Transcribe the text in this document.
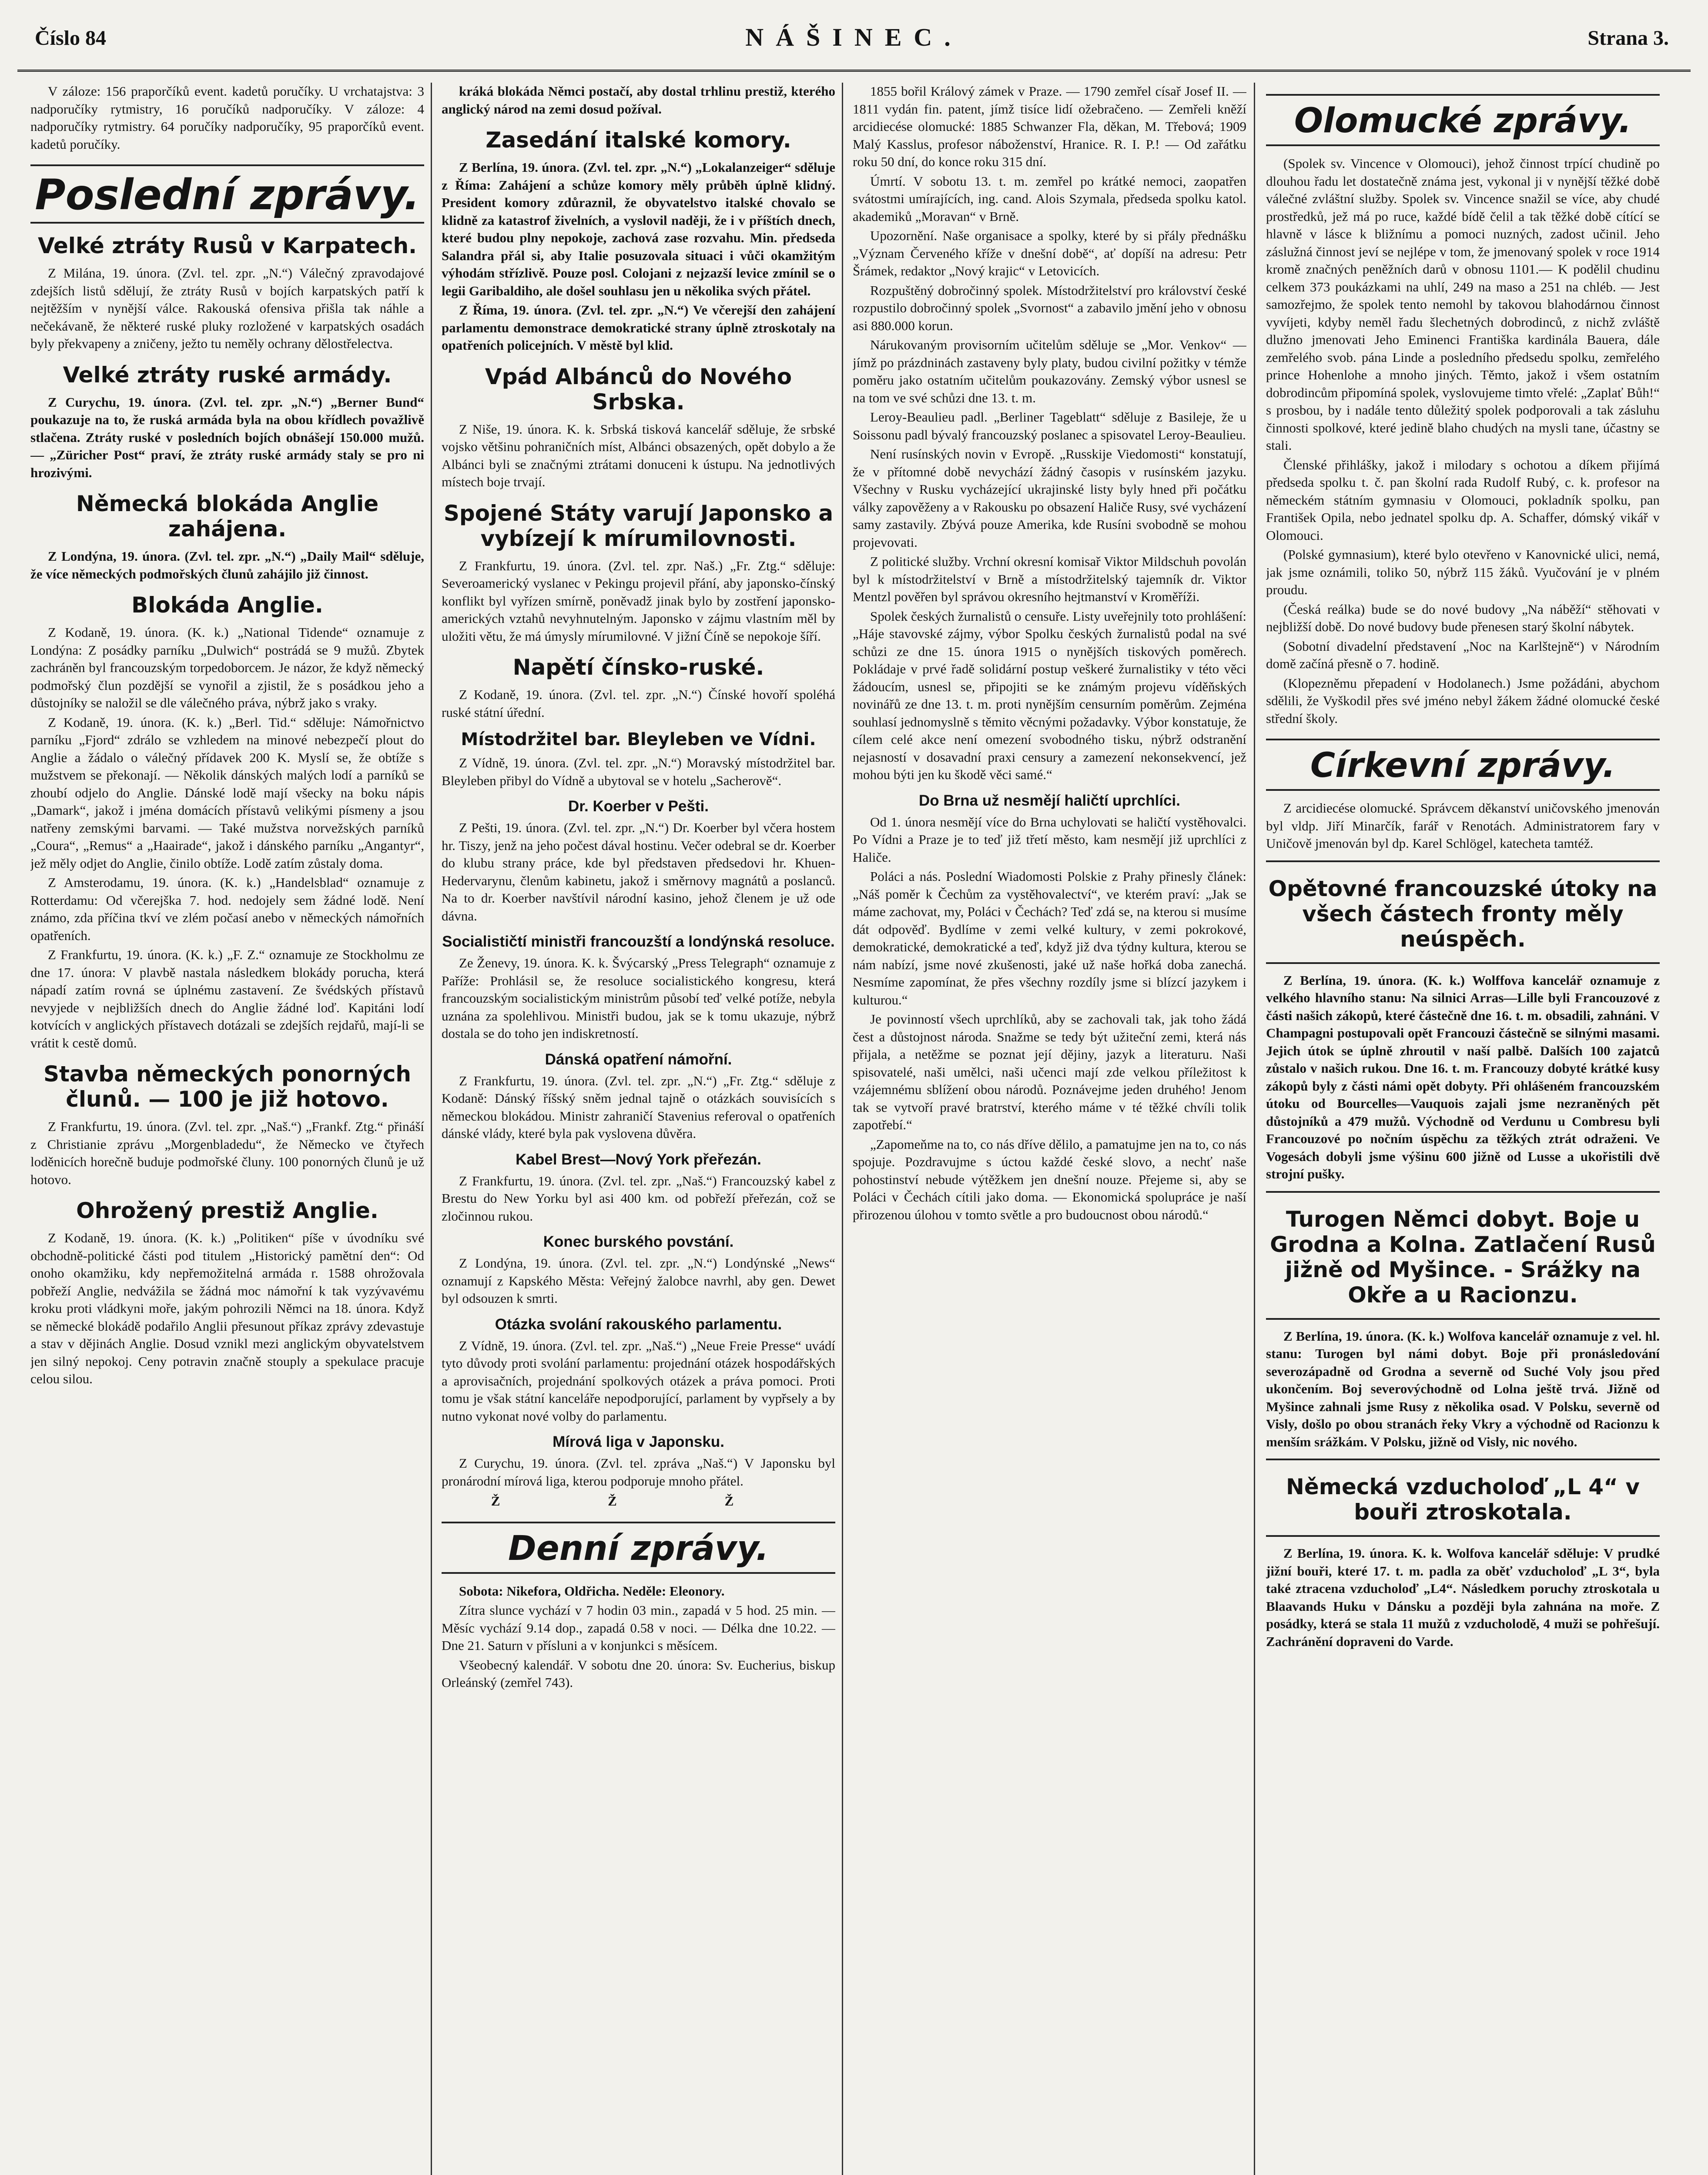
Číslo 84	NÁŠINEC.	Strana 3.

V záloze: 156 praporčíků event. kadetů poručíky. U vrchatajstva: 3 nadporučíky rytmistry, 16 poručíků nadporučíky. V záloze: 4 nadporučíky rytmistry. 64 poručíky nadporučíky, 95 praporčíků event. kadetů poručíky.

Poslední zprávy.
Velké ztráty Rusů v Karpatech.

Z Milána, 19. února. (Zvl. tel. zpr. „N.“) Válečný zpravodajové zdejších listů sdělují, že ztráty Rusů v bojích karpatských patří k nejtěžším v nynější válce. Rakouská ofensiva přišla tak náhle a nečekávaně, že některé ruské pluky rozložené v karpatských osadách byly překvapeny a zničeny, ježto tu neměly ochrany dělostřelectva.

Velké ztráty ruské armády.

Z Curychu, 19. února. (Zvl. tel. zpr. „N.“) „Berner Bund“ poukazuje na to, že ruská armáda byla na obou křídlech považlivě stlačena. Ztráty ruské v posledních bojích obnášejí 150.000 mužů. — „Züricher Post“ praví, že ztráty ruské armády staly se pro ni hrozivými.

Německá blokáda Anglie zahájena.

Z Londýna, 19. února. (Zvl. tel. zpr. „N.“) „Daily Mail“ sděluje, že více německých podmořských člunů zahájilo již činnost.

Blokáda Anglie.

Z Kodaně, 19. února. (K. k.) „National Tidende“ oznamuje z Londýna: Z posádky parníku „Dulwich“ postrádá se 9 mužů. Zbytek zachráněn byl francouzským torpedoborcem. Je názor, že když německý podmořský člun pozdější se vynořil a zjistil, že s posádkou jeho a důstojníky se naložil se dle válečného práva, nýbrž jako s vraky.

Z Kodaně, 19. února. (K. k.) „Berl. Tid.“ sděluje: Námořnictvo parníku „Fjord“ zdrálo se vzhledem na minové nebezpečí plout do Anglie a žádalo o válečný přídavek 200 K. Myslí se, že obtíže s mužstvem se překonají. — Několik dánských malých lodí a parníků se zhoubí odjelo do Anglie. Dánské lodě mají všecky na boku nápis „Damark“, jakož i jména domácích přístavů velikými písmeny a jsou natřeny zemskými barvami. — Také mužstva norvežských parníků „Coura“, „Remus“ a „Haairade“, jakož i dánského parníku „Angantyr“, jež měly odjet do Anglie, činilo obtíže. Lodě zatím zůstaly doma.

Z Amsterodamu, 19. února. (K. k.) „Handelsblad“ oznamuje z Rotterdamu: Od včerejška 7. hod. nedojely sem žádné lodě. Není známo, zda příčina tkví ve zlém počasí anebo v německých námořních opatřeních.

Z Frankfurtu, 19. února. (K. k.) „F. Z.“ oznamuje ze Stockholmu ze dne 17. února: V plavbě nastala následkem blokády porucha, která nápadí zatím rovná se úplnému zastavení. Ze švédských přístavů nevyjede v nejbližších dnech do Anglie žádné loď. Kapitáni lodí kotvících v anglických přístavech dotázali se zdejších rejdařů, mají-li se vrátit k cestě domů.

Stavba německých ponorných člunů. — 100 je již hotovo.

Z Frankfurtu, 19. února. (Zvl. tel. zpr. „Naš.“) „Frankf. Ztg.“ přináší z Christianie zprávu „Morgenbladedu“, že Německo ve čtyřech loděnicích horečně buduje podmořské čluny. 100 ponorných člunů je už hotovo.

Ohrožený prestiž Anglie.

Z Kodaně, 19. února. (K. k.) „Politiken“ píše v úvodníku své obchodně-politické části pod titulem „Historický pamětní den“: Od onoho okamžiku, kdy nepřemožitelná armáda r. 1588 ohrožovala pobřeží Anglie, nedvážila se žádná moc námořní k tak vyzývavému kroku proti vládkyni moře, jakým pohrozili Němci na 18. února. Když se německé blokádě podařilo Anglii přesunout příkaz zprávy zdevastuje a stav v dějinách Anglie. Dosud vznikl mezi anglickým obyvatelstvem jen silný nepokoj. Ceny potravin značně stouply a spekulace pracuje celou silou.

kráká blokáda Němci postačí, aby dostal trhlinu prestiž, kterého anglický národ na zemi dosud požíval.

Zasedání italské komory.

Z Berlína, 19. února. (Zvl. tel. zpr. „N.“) „Lokalanzeiger“ sděluje z Říma: Zahájení a schůze komory měly průběh úplně klidný. President komory zdůraznil, že obyvatelstvo italské chovalo se klidně za katastrof živelních, a vyslovil naději, že i v příštích dnech, které budou plny nepokoje, zachová zase rozvahu. Min. předseda Salandra přál si, aby Italie posuzovala situaci i vůči okamžitým výhodám střízlivě. Pouze posl. Colojani z nejzazší levice zmínil se o legii Garibaldiho, ale došel souhlasu jen u několika svých přátel.

Z Říma, 19. února. (Zvl. tel. zpr. „N.“) Ve včerejší den zahájení parlamentu demonstrace demokratické strany úplně ztroskotaly na opatřeních policejních. V městě byl klid.

Vpád Albánců do Nového Srbska.

Z Niše, 19. února. K. k. Srbská tisková kancelář sděluje, že srbské vojsko většinu pohraničních míst, Albánci obsazených, opět dobylo a že Albánci byli se značnými ztrátami donuceni k ústupu. Na jednotlivých místech boje trvají.

Spojené Státy varují Japonsko a vybízejí k mírumilovnosti.

Z Frankfurtu, 19. února. (Zvl. tel. zpr. Naš.) „Fr. Ztg.“ sděluje: Severoamerický vyslanec v Pekingu projevil přání, aby japonsko-čínský konflikt byl vyřízen smírně, poněvadž jinak bylo by zostření japonsko-amerických vztahů nevyhnutelným. Japonsko v zájmu vlastním měl by uložiti větu, že má úmysly mírumilovné. V jižní Číně se nepokoje šíří.

Napětí čínsko-ruské.

Z Kodaně, 19. února. (Zvl. tel. zpr. „N.“) Čínské hovoří spoléhá ruské státní úřední.

Místodržitel bar. Bleyleben ve Vídni.

Z Vídně, 19. února. (Zvl. tel. zpr. „N.“) Moravský místodržitel bar. Bleyleben přibyl do Vídně a ubytoval se v hotelu „Sacherově“.

Dr. Koerber v Pešti.

Z Pešti, 19. února. (Zvl. tel. zpr. „N.“) Dr. Koerber byl včera hostem hr. Tiszy, jenž na jeho počest dával hostinu. Večer odebral se dr. Koerber do klubu strany práce, kde byl představen předsedovi hr. Khuen-Hedervarynu, členům kabinetu, jakož i směrnovy magnátů a poslanců. Na to dr. Koerber navštívil národní kasino, jehož členem je už ode dávna.

Socialističtí ministři francouzští a londýnská resoluce.

Ze Ženevy, 19. února. K. k. Švýcarský „Press Telegraph“ oznamuje z Paříže: Prohlásil se, že resoluce socialistického kongresu, která francouzským socialistickým ministrům působí teď velké potíže, nebyla uznána za spolehlivou. Ministři budou, jak se k tomu ukazuje, nýbrž dostala se do toho jen indiskretností.

Dánská opatření námořní.

Z Frankfurtu, 19. února. (Zvl. tel. zpr. „N.“) „Fr. Ztg.“ sděluje z Kodaně: Dánský říšský sněm jednal tajně o otázkách souvisících s německou blokádou. Ministr zahraničí Stavenius referoval o opatřeních dánské vlády, které byla pak vyslovena důvěra.

Kabel Brest—Nový York přeřezán.

Z Frankfurtu, 19. února. (Zvl. tel. zpr. „Naš.“) Francouzský kabel z Brestu do New Yorku byl asi 400 km. od pobřeží přeřezán, což se zločinnou rukou.

Konec burského povstání.

Z Londýna, 19. února. (Zvl. tel. zpr. „N.“) Londýnské „News“ oznamují z Kapského Města: Veřejný žalobce navrhl, aby gen. Dewet byl odsouzen k smrti.

Otázka svolání rakouského parlamentu.

Z Vídně, 19. února. (Zvl. tel. zpr. „Naš.“) „Neue Freie Presse“ uvádí tyto důvody proti svolání parlamentu: projednání otázek hospodářských a aprovisačních, projednání spolkových otázek a práva pomoci. Proti tomu je však státní kanceláře nepodporující, parlament by vypřsely a by nutno vykonat nové volby do parlamentu.

Mírová liga v Japonsku.

Z Curychu, 19. února. (Zvl. tel. zpráva „Naš.“) V Japonsku byl pronárodní mírová liga, kterou podporuje mnoho přátel.

Ž Ž Ž
Denní zprávy.

Sobota: Nikefora, Oldřicha. Neděle: Eleonory.

Zítra slunce vychází v 7 hodin 03 min., zapadá v 5 hod. 25 min. — Měsíc vychází 9.14 dop., zapadá 0.58 v noci. — Délka dne 10.22. — Dne 21. Saturn v přísluni a v konjunkci s měsícem.

Všeobecný kalendář. V sobotu dne 20. února: Sv. Eucherius, biskup Orleánský (zemřel 743).

1855 bořil Králový zámek v Praze. — 1790 zemřel císař Josef II. — 1811 vydán fin. patent, jímž tisíce lidí ožebračeno. — Zemřeli kněží arcidiecése olomucké: 1885 Schwanzer Fla, děkan, M. Třebová; 1909 Malý Kasslus, profesor náboženství, Hranice. R. I. P.! — Od zařátku roku 50 dní, do konce roku 315 dní.

Úmrtí. V sobotu 13. t. m. zemřel po krátké nemoci, zaopatřen svátostmi umírajících, ing. cand. Alois Szymala, předseda spolku katol. akademiků „Moravan“ v Brně.

Upozornění. Naše organisace a spolky, které by si přály přednášku „Význam Červeného kříže v dnešní době“, ať dopíší na adresu: Petr Šrámek, redaktor „Nový krajic“ v Letovicích.

Rozpuštěný dobročinný spolek. Místodržitelství pro království české rozpustilo dobročinný spolek „Svornost“ a zabavilo jmění jeho v obnosu asi 880.000 korun.

Nárukovaným provisorním učitelům sděluje se „Mor. Venkov“ — jímž po prázdninách zastaveny byly platy, budou civilní požitky v témže poměru jako ostatním učitelům poukazovány. Zemský výbor usnesl se na tom ve své schůzi dne 13. t. m.

Leroy-Beaulieu padl. „Berliner Tageblatt“ sděluje z Basileje, že u Soissonu padl bývalý francouzský poslanec a spisovatel Leroy-Beaulieu.

Není rusínských novin v Evropě. „Russkije Viedomosti“ konstatují, že v přítomné době nevychází žádný časopis v rusínském jazyku. Všechny v Rusku vycházející ukrajinské listy byly hned při počátku války zapověženy a v Rakousku po obsazení Haliče Rusy, své vycházení samy zastavily. Zbývá pouze Amerika, kde Rusíni svobodně se mohou projevovati.

Z politické služby. Vrchní okresní komisař Viktor Mildschuh povolán byl k místodržitelství v Brně a místodržitelský tajemník dr. Viktor Mentzl pověřen byl správou okresního hejtmanství v Kroměříži.

Spolek českých žurnalistů o censuře. Listy uveřejnily toto prohlášení: „Háje stavovské zájmy, výbor Spolku českých žurnalistů podal na své schůzi ze dne 15. února 1915 o nynějších tiskových poměrech. Pokládaje v prvé řadě solidární postup veškeré žurnalistiky v této věci žádoucím, usnesl se, připojiti se ke známým projevu víděňských novinářů ze dne 13. t. m. proti nynějším censurním poměrům. Zejména souhlasí jednomyslně s těmito věcnými požadavky. Výbor konstatuje, že cílem celé akce není omezení svobodného tisku, nýbrž odstranění nejasností v dosavadní praxi censury a zamezení nekonsekvencí, jež mohou býti jen ku škodě věci samé.“

Do Brna už nesmějí haličtí uprchlíci.

Od 1. února nesmějí více do Brna uchylovati se haličtí vystěhovalci. Po Vídni a Praze je to teď již třetí město, kam nesmějí již uprchlíci z Haliče.

Poláci a nás. Poslední Wiadomosti Polskie z Prahy přinesly článek: „Náš poměr k Čechům za vystěhovalectví“, ve kterém praví: „Jak se máme zachovat, my, Poláci v Čechách? Teď zdá se, na kterou si musíme dát odpověď. Bydlíme v zemi velké kultury, v zemi pokrokové, demokratické, demokratické a teď, když již dva týdny kultura, kterou se nám nabízí, jsme nové zkušenosti, jaké už naše hořká doba zanechá. Nesmíme zapomínat, že přes všechny rozdíly jsme si blízcí jazykem i kulturou.“

Je povinností všech uprchlíků, aby se zachovali tak, jak toho žádá čest a důstojnost národa. Snažme se tedy být užiteční zemi, která nás přijala, a netěžme se poznat její dějiny, jazyk a literaturu. Naši spisovatelé, naši umělci, naši učenci mají zde velkou příležitost k vzájemnému sblížení obou národů. Poznávejme jeden druhého! Jenom tak se vytvoří pravé bratrství, kterého máme v té těžké chvíli tolik zapotřebí.“

„Zapomeňme na to, co nás dříve dělilo, a pamatujme jen na to, co nás spojuje. Pozdravujme s úctou každé české slovo, a nechť naše pohostinství nebude výtěžkem jen dnešní nouze. Přejeme si, aby se Poláci v Čechách cítili jako doma. — Ekonomická spolupráce je naší přirozenou úlohou v tomto světle a pro budoucnost obou národů.“

Olomucké zprávy.

(Spolek sv. Vincence v Olomouci), jehož činnost trpící chudině po dlouhou řadu let dostatečně známa jest, vykonal ji v nynější těžké době válečné zvláštní služby. Spolek sv. Vincence snažil se více, aby chudé prostředků, jež má po ruce, každé bídě čelil a tak těžké době cítící se hlavně v lásce k bližnímu a pomoci nuzných, zadost učinil. Jeho záslužná činnost jeví se nejlépe v tom, že jmenovaný spolek v roce 1914 kromě značných peněžních darů v obnosu 1101.— K podělil chudinu celkem 373 poukázkami na uhlí, 249 na maso a 251 na chléb. — Jest samozřejmo, že spolek tento nemohl by takovou blahodárnou činnost vyvíjeti, kdyby neměl řadu šlechetných dobrodinců, z nichž zvláště dlužno jmenovati Jeho Eminenci Františka kardinála Bauera, dále zemřelého svob. pána Linde a posledního předsedu spolku, zemřelého prince Hohenlohe a mnoho jiných. Těmto, jakož i všem ostatním dobrodincům připomíná spolek, vyslovujeme timto vřelé: „Zaplať Bůh!“ s prosbou, by i nadále tento důležitý spolek podporovali a tak zásluhu činnosti spolkové, které jedině blaho chudých na mysli tane, účastny se stali.

Členské přihlášky, jakož i milodary s ochotou a díkem přijímá předseda spolku t. č. pan školní rada Rudolf Rubý, c. k. profesor na německém státním gymnasiu v Olomouci, pokladník spolku, pan František Opila, nebo jednatel spolku dp. A. Schaffer, dómský vikář v Olomouci.

(Polské gymnasium), které bylo otevřeno v Kanovnické ulici, nemá, jak jsme oznámili, toliko 50, nýbrž 115 žáků. Vyučování je v plném proudu.

(Česká reálka) bude se do nové budovy „Na náběží“ stěhovati v nejbližší době. Do nové budovy bude přenesen starý školní nábytek.

(Sobotní divadelní představení „Noc na Karlštejně“) v Národním domě začíná přesně o 7. hodině.

(Klopezněmu přepadení v Hodolanech.) Jsme požádáni, abychom sdělili, že Vyškodil přes své jméno nebyl žákem žádné olomucké české střední školy.

Církevní zprávy.

Z arcidiecése olomucké. Správcem děkanství uničovského jmenován byl vldp. Jiří Minarčík, farář v Renotách. Administratorem fary v Uničově jmenován byl dp. Karel Schlögel, katecheta tamtéž.

Opětovné francouzské útoky na všech částech fronty měly neúspěch.

Z Berlína, 19. února. (K. k.) Wolffova kancelář oznamuje z velkého hlavního stanu: Na silnici Arras—Lille byli Francouzové z části našich zákopů, které částečně dne 16. t. m. obsadili, zahnáni. V Champagni postupovali opět Francouzi částečně se silnými masami. Jejich útok se úplně zhroutil v naší palbě. Dalších 100 zajatců zůstalo v našich rukou. Dne 16. t. m. Francouzy dobyté krátké kusy zákopů byly z části námi opět dobyty. Při ohlášeném francouzském útoku od Bourcelles—Vauquois zajali jsme nezraněných pět důstojníků a 479 mužů. Východně od Verdunu u Combresu byli Francouzové po nočním úspěchu za těžkých ztrát odraženi. Ve Vogesách dobyli jsme výšinu 600 jižně od Lusse a ukořistili dvě strojní pušky.

Turogen Němci dobyt. Boje u Grodna a Kolna. Zatlačení Rusů jižně od Myšince. - Srážky na Okře a u Racionzu.

Z Berlína, 19. února. (K. k.) Wolfova kancelář oznamuje z vel. hl. stanu: Turogen byl námi dobyt. Boje při pronásledování severozápadně od Grodna a severně od Suché Voly jsou před ukončením. Boj severovýchodně od Lolna ještě trvá. Jižně od Myšince zahnali jsme Rusy z několika osad. V Polsku, severně od Visly, došlo po obou stranách řeky Vkry a východně od Racionzu k menším srážkám. V Polsku, jižně od Visly, nic nového.

Německá vzducholoď „L 4“ v bouři ztroskotala.

Z Berlína, 19. února. K. k. Wolfova kancelář sděluje: V prudké jižní bouři, které 17. t. m. padla za oběť vzducholoď „L 3“, byla také ztracena vzducholoď „L4“. Následkem poruchy ztroskotala u Blaavands Huku v Dánsku a později byla zahnána na moře. Z posádky, která se stala 11 mužů z vzducholodě, 4 muži se pohřešují. Zachránění dopraveni do Varde.
